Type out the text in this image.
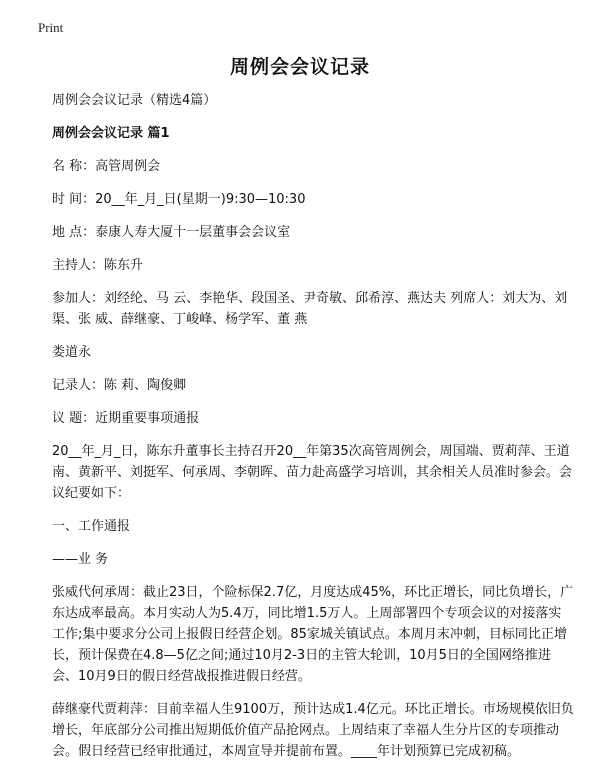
Print
周例会会议记录

周例会会议记录（精选4篇）

周例会会议记录 篇1

名 称：高管周例会

时 间：20__年_月_日(星期一)9:30—10:30

地 点：泰康人寿大厦十一层董事会会议室

主持人：陈东升

参加人：刘经纶、马 云、李艳华、段国圣、尹奇敏、邱希淳、燕达夫 列席人：刘大为、刘 渠、张 威、薛继豪、丁峻峰、杨学军、董 燕

娄道永

记录人：陈 莉、陶俊卿

议 题：近期重要事项通报

20__年_月_日，陈东升董事长主持召开20__年第35次高管周例会，周国端、贾莉萍、王道南、黄新平、刘挺军、何承周、李朝晖、苗力赴高盛学习培训，其余相关人员准时参会。会议纪要如下：

一、工作通报

——业 务

张威代何承周：截止23日，个险标保2.7亿，月度达成45%，环比正增长，同比负增长，广东达成率最高。本月实动人为5.4万，同比增1.5万人。上周部署四个专项会议的对接落实工作;集中要求分公司上报假日经营企划。85家城关镇试点。本周月末冲刺，目标同比正增长，预计保费在4.8—5亿之间;通过10月2-3日的主管大轮训，10月5日的全国网络推进会、10月9日的假日经营战报推进假日经营。

薛继豪代贾莉萍：目前幸福人生9100万，预计达成1.4亿元。环比正增长。市场规模依旧负增长，年底部分公司推出短期低价值产品抢网点。上周结束了幸福人生分片区的专项推动会。假日经营已经审批通过，本周宣导并提前布置。____年计划预算已完成初稿。
